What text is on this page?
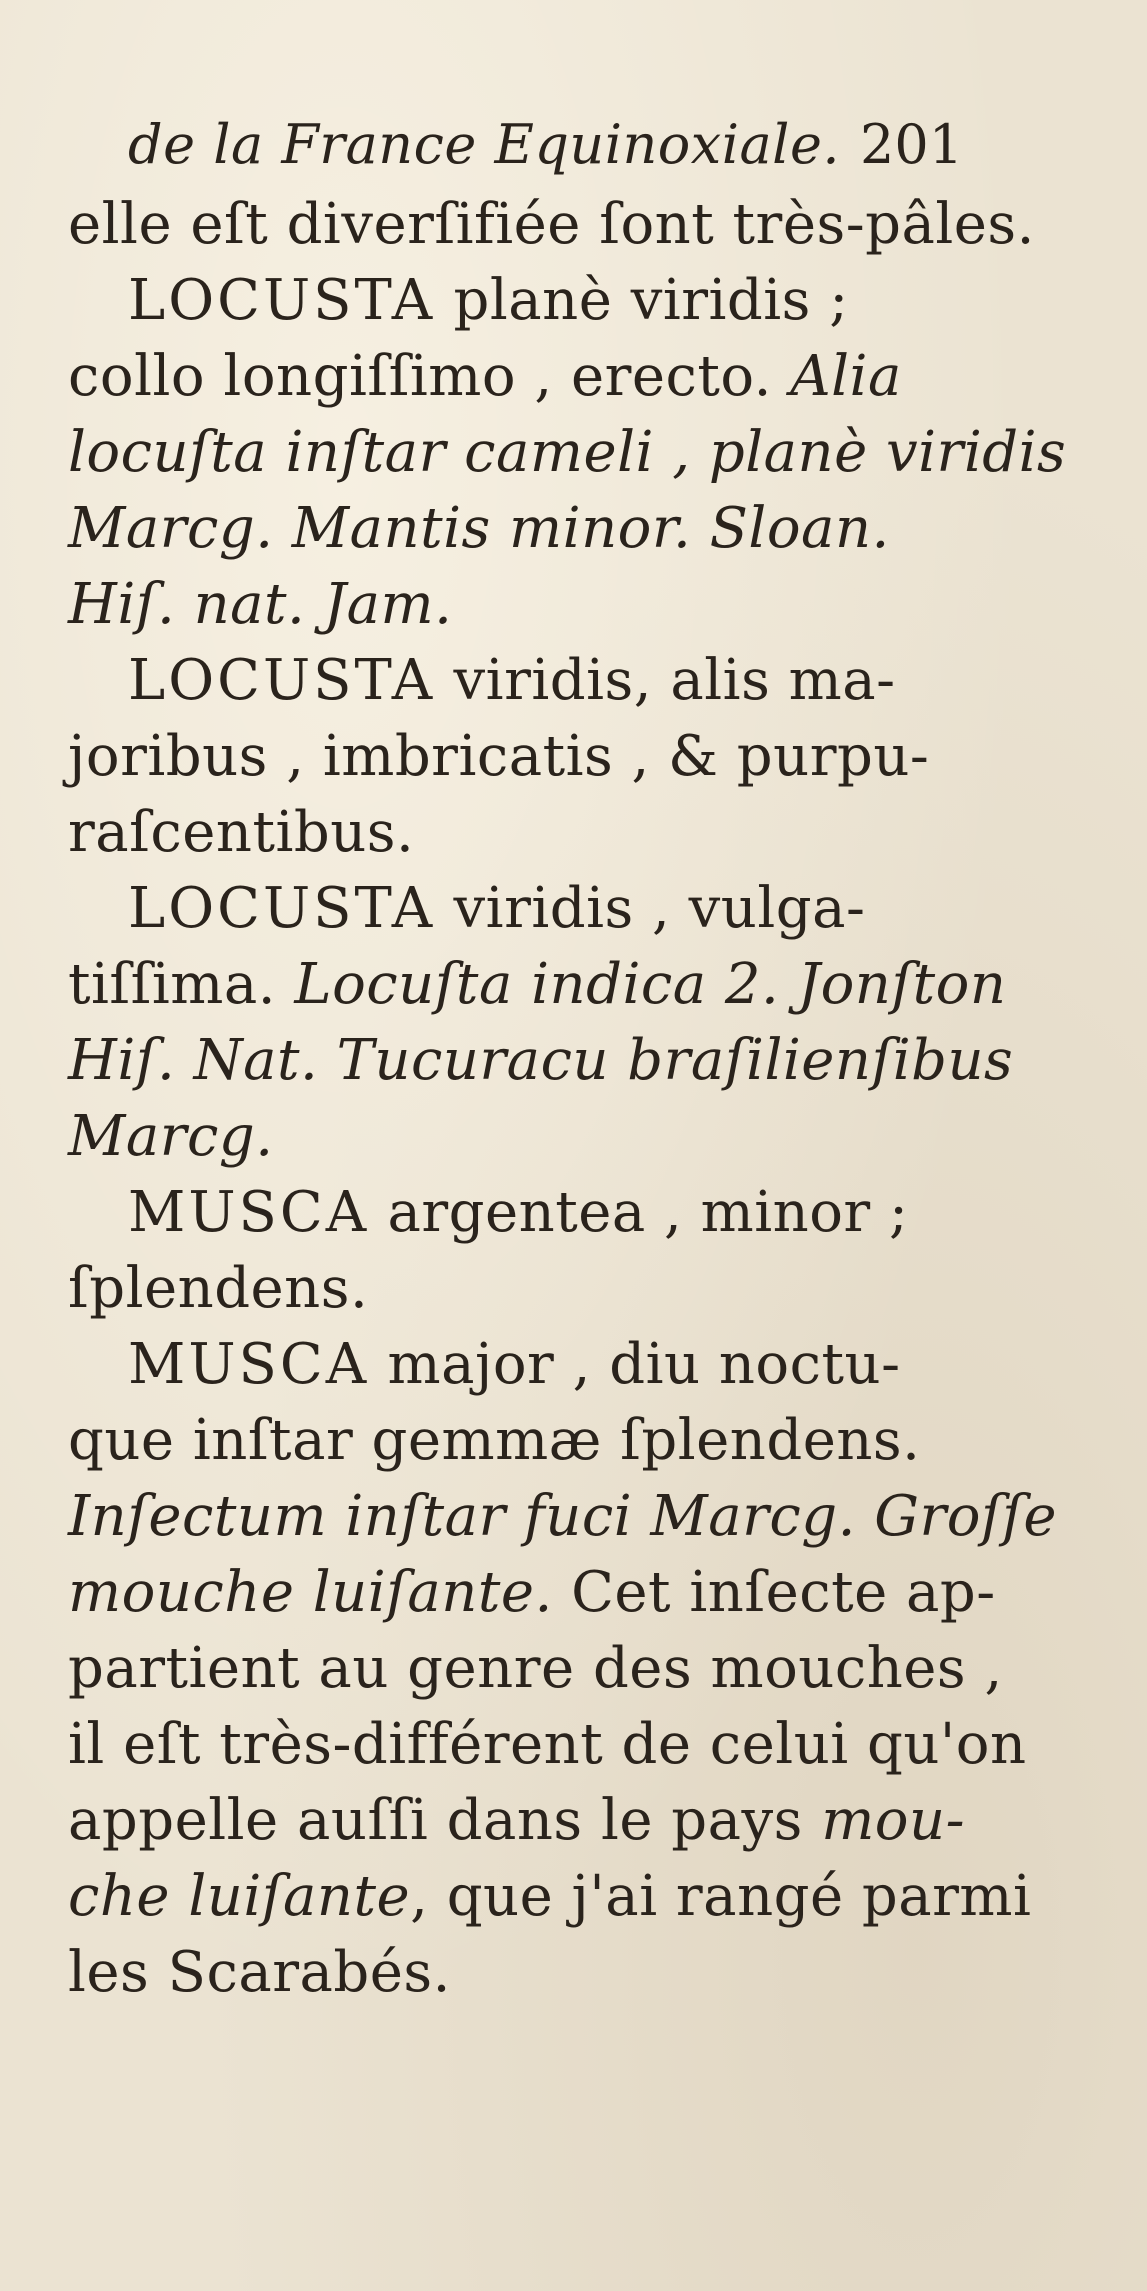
de la France Equinoxiale. 201

elle eſt diverſifiée ſont très-pâles.

LOCUSTA planè viridis ;

collo longiſſimo , erecto. Alia

locuſta inſtar cameli , planè viridis

Marcg. Mantis minor. Sloan.

Hiſ. nat. Jam.

LOCUSTA viridis, alis ma-

joribus , imbricatis , & purpu-

raſcentibus.

LOCUSTA viridis , vulga-

tiſſima. Locuſta indica 2. Jonſton

Hiſ. Nat. Tucuracu braſilienſibus

Marcg.

MUSCA argentea , minor ;

ſplendens.

MUSCA major , diu noctu-

que inſtar gemmæ ſplendens.

Inſectum inſtar fuci Marcg. Groſſe

mouche luiſante. Cet inſecte ap-

partient au genre des mouches ,

il eſt très-différent de celui qu'on

appelle auſſi dans le pays mou-

che luiſante, que j'ai rangé parmi

les Scarabés.
